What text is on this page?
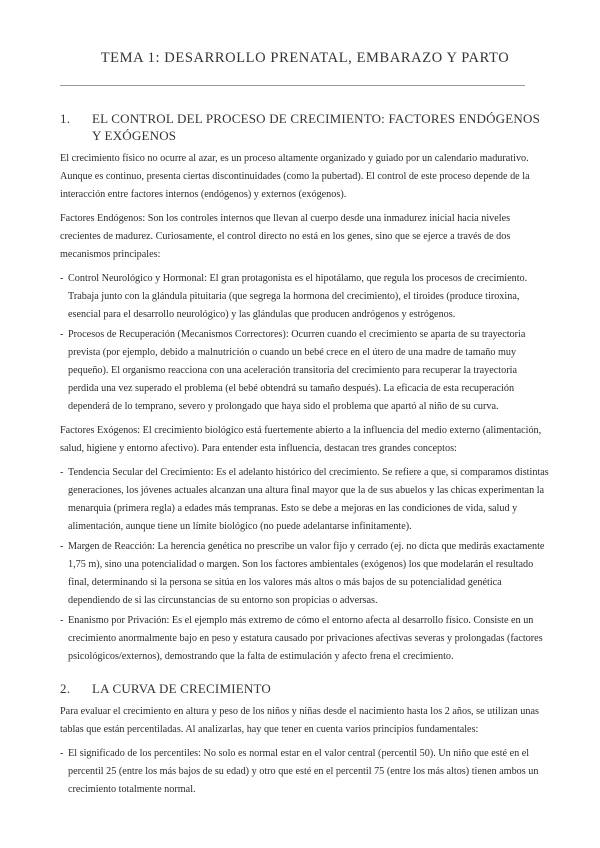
TEMA 1: DESARROLLO PRENATAL, EMBARAZO Y PARTO
1.	EL CONTROL DEL PROCESO DE CRECIMIENTO: FACTORES ENDÓGENOS Y EXÓGENOS

El crecimiento físico no ocurre al azar, es un proceso altamente organizado y guiado por un calendario madurativo. Aunque es continuo, presenta ciertas discontinuidades (como la pubertad). El control de este proceso depende de la interacción entre factores internos (endógenos) y externos (exógenos).

Factores Endógenos: Son los controles internos que llevan al cuerpo desde una inmadurez inicial hacia niveles crecientes de madurez. Curiosamente, el control directo no está en los genes, sino que se ejerce a través de dos mecanismos principales:

- Control Neurológico y Hormonal: El gran protagonista es el hipotálamo, que regula los procesos de crecimiento. Trabaja junto con la glándula pituitaria (que segrega la hormona del crecimiento), el tiroides (produce tiroxina, esencial para el desarrollo neurológico) y las glándulas que producen andrógenos y estrógenos.
- Procesos de Recuperación (Mecanismos Correctores): Ocurren cuando el crecimiento se aparta de su trayectoria prevista (por ejemplo, debido a malnutrición o cuando un bebé crece en el útero de una madre de tamaño muy pequeño). El organismo reacciona con una aceleración transitoria del crecimiento para recuperar la trayectoria perdida una vez superado el problema (el bebé obtendrá su tamaño después). La eficacia de esta recuperación dependerá de lo temprano, severo y prolongado que haya sido el problema que apartó al niño de su curva.

Factores Exógenos: El crecimiento biológico está fuertemente abierto a la influencia del medio externo (alimentación, salud, higiene y entorno afectivo). Para entender esta influencia, destacan tres grandes conceptos:

- Tendencia Secular del Crecimiento: Es el adelanto histórico del crecimiento. Se refiere a que, si comparamos distintas generaciones, los jóvenes actuales alcanzan una altura final mayor que la de sus abuelos y las chicas experimentan la menarquia (primera regla) a edades más tempranas. Esto se debe a mejoras en las condiciones de vida, salud y alimentación, aunque tiene un límite biológico (no puede adelantarse infinitamente).
- Margen de Reacción: La herencia genética no prescribe un valor fijo y cerrado (ej. no dicta que medirás exactamente 1,75 m), sino una potencialidad o margen. Son los factores ambientales (exógenos) los que modelarán el resultado final, determinando si la persona se sitúa en los valores más altos o más bajos de su potencialidad genética dependiendo de si las circunstancias de su entorno son propicias o adversas.
- Enanismo por Privación: Es el ejemplo más extremo de cómo el entorno afecta al desarrollo físico. Consiste en un crecimiento anormalmente bajo en peso y estatura causado por privaciones afectivas severas y prolongadas (factores psicológicos/externos), demostrando que la falta de estimulación y afecto frena el crecimiento.
2.	LA CURVA DE CRECIMIENTO

Para evaluar el crecimiento en altura y peso de los niños y niñas desde el nacimiento hasta los 2 años, se utilizan unas tablas que están percentiladas. Al analizarlas, hay que tener en cuenta varios principios fundamentales:

- El significado de los percentiles: No solo es normal estar en el valor central (percentil 50). Un niño que esté en el percentil 25 (entre los más bajos de su edad) y otro que esté en el percentil 75 (entre los más altos) tienen ambos un crecimiento totalmente normal.
